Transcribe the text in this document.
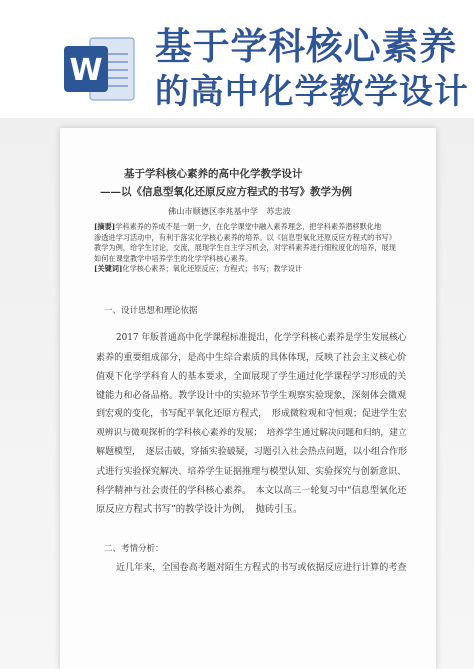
W
基于学科核心素养
的高中化学教学设计
基于学科核心素养的高中化学教学设计
——以《信息型氧化还原反应方程式的书写》教学为例
佛山市顺德区李兆基中学　苏忠波
[摘要]学科素养的养成不是一朝一夕，在化学课堂中融入素养理念，把学科素养潜移默化地
渗透进学习活动中，有利于落实化学核心素养的培养。以《信息型氧化还原反应方程式的书写》
教学为例，给学生讨论，交流，展现学生自主学习机会，对学科素养进行细粒度化的培养，展现
如何在课堂教学中培养学生的化学学科核心素养。
[关键词]化学核心素养；氧化还原反应；方程式；书写；教学设计
一、设计思想和理论依据
2017 年版普通高中化学课程标准提出，化学学科核心素养是学生发展核心
素养的重要组成部分，是高中生综合素质的具体体现，反映了社会主义核心价
值观下化学学科育人的基本要求，全面展现了学生通过化学课程学习形成的关
键能力和必备品格。教学设计中的实验环节学生观察实验现象，深刻体会微观
到宏观的变化，书写配平氧化还原方程式，　形成微粒观和守恒观；促进学生宏
观辨识与微观探析的学科核心素养的发展；　培养学生通过解决问题和归纳，建立
解题模型，　逐层击破，穿插实验破疑，习题引入社会热点问题，以小组合作形
式进行实验探究解决、培养学生证据推理与模型认知、实验探究与创新意识、
科学精神与社会责任的学科核心素养。　本文以高三一轮复习中“信息型氧化还
原反应方程式书写”的教学设计为例，　抛砖引玉。
二、考情分析：
近几年来，全国卷高考题对陌生方程式的书写或依据反应进行计算的考查
